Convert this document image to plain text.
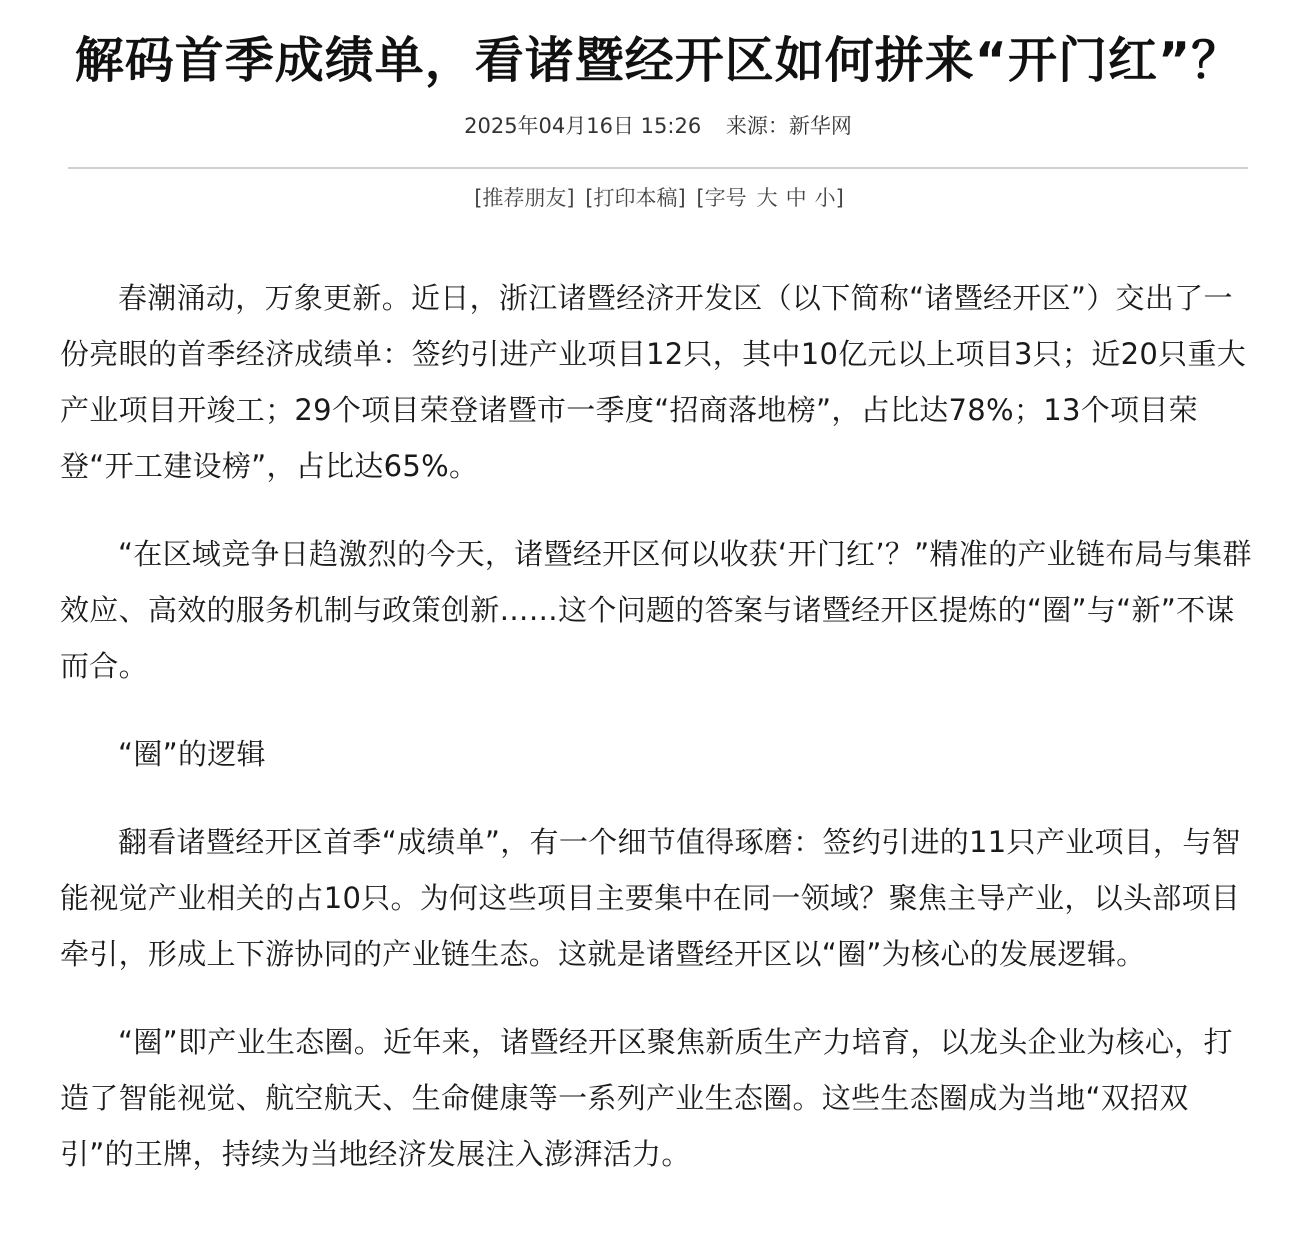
解码首季成绩单，看诸暨经开区如何拼来“开门红”？
2025年04月16日 15:26 来源：新华网
[推荐朋友] [打印本稿] [字号 大 中 小]

春潮涌动，万象更新。近日，浙江诸暨经济开发区（以下简称“诸暨经开区”）交出了一份亮眼的首季经济成绩单：签约引进产业项目12只，其中10亿元以上项目3只；近20只重大产业项目开竣工；29个项目荣登诸暨市一季度“招商落地榜”，占比达78%；13个项目荣登“开工建设榜”，占比达65%。

“在区域竞争日趋激烈的今天，诸暨经开区何以收获‘开门红’？”精准的产业链布局与集群效应、高效的服务机制与政策创新……这个问题的答案与诸暨经开区提炼的“圈”与“新”不谋而合。

“圈”的逻辑

翻看诸暨经开区首季“成绩单”，有一个细节值得琢磨：签约引进的11只产业项目，与智能视觉产业相关的占10只。为何这些项目主要集中在同一领域？聚焦主导产业，以头部项目牵引，形成上下游协同的产业链生态。这就是诸暨经开区以“圈”为核心的发展逻辑。

“圈”即产业生态圈。近年来，诸暨经开区聚焦新质生产力培育，以龙头企业为核心，打造了智能视觉、航空航天、生命健康等一系列产业生态圈。这些生态圈成为当地“双招双引”的王牌，持续为当地经济发展注入澎湃活力。
